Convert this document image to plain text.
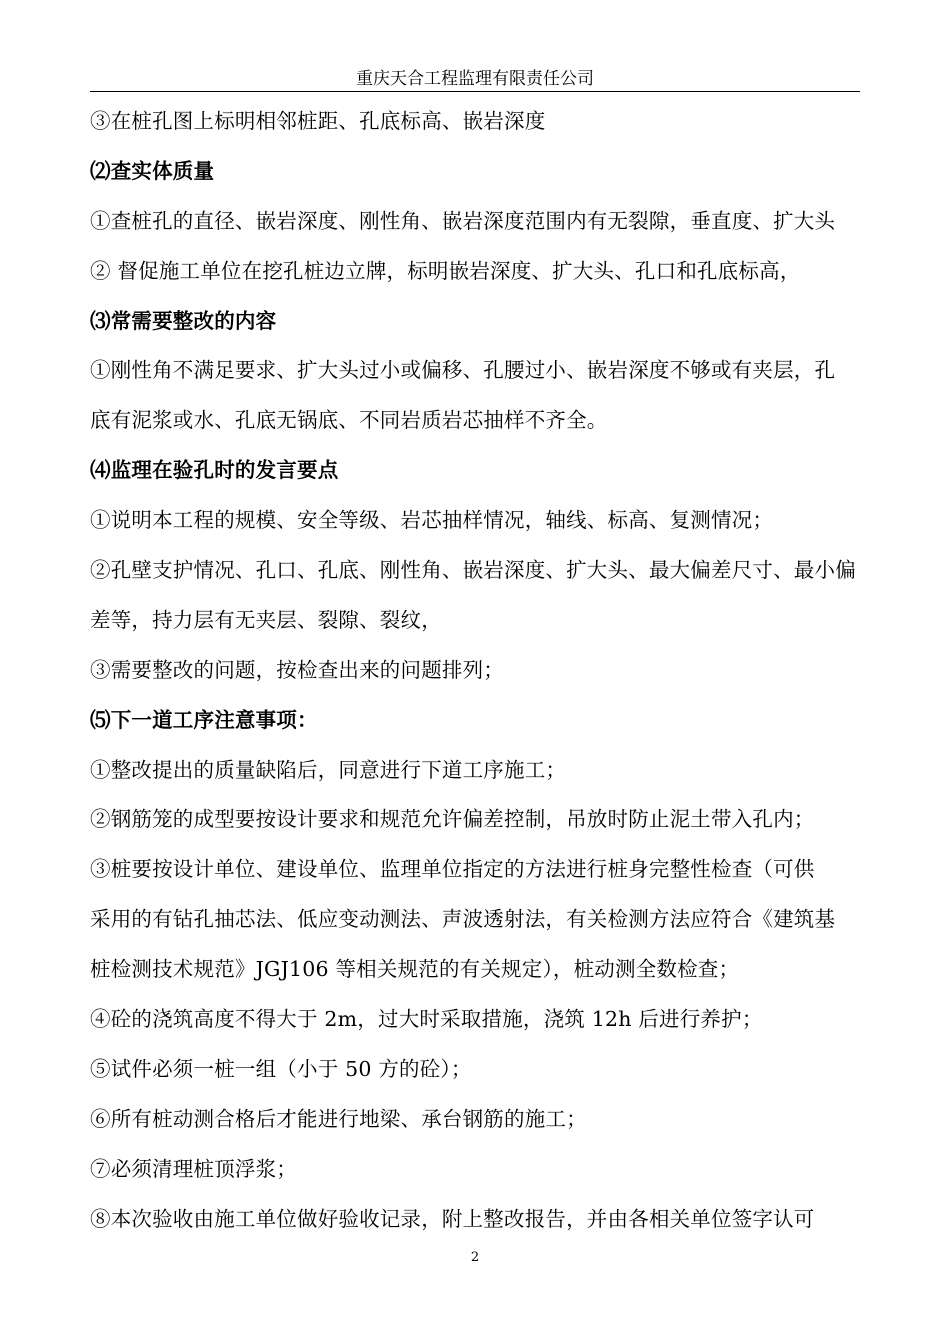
重庆天合工程监理有限责任公司
③在桩孔图上标明相邻桩距、孔底标高、嵌岩深度
⑵查实体质量
①查桩孔的直径、嵌岩深度、刚性角、嵌岩深度范围内有无裂隙，垂直度、扩大头
② 督促施工单位在挖孔桩边立牌，标明嵌岩深度、扩大头、孔口和孔底标高，
⑶常需要整改的内容
①刚性角不满足要求、扩大头过小或偏移、孔腰过小、嵌岩深度不够或有夹层，孔
底有泥浆或水、孔底无锅底、不同岩质岩芯抽样不齐全。
⑷监理在验孔时的发言要点
①说明本工程的规模、安全等级、岩芯抽样情况，轴线、标高、复测情况；
②孔壁支护情况、孔口、孔底、刚性角、嵌岩深度、扩大头、最大偏差尺寸、最小偏
差等，持力层有无夹层、裂隙、裂纹，
③需要整改的问题，按检查出来的问题排列；
⑸下一道工序注意事项：
①整改提出的质量缺陷后，同意进行下道工序施工；
②钢筋笼的成型要按设计要求和规范允许偏差控制，吊放时防止泥土带入孔内；
③桩要按设计单位、建设单位、监理单位指定的方法进行桩身完整性检查（可供
采用的有钻孔抽芯法、低应变动测法、声波透射法，有关检测方法应符合《建筑基
桩检测技术规范》JGJ106 等相关规范的有关规定），桩动测全数检查；
④砼的浇筑高度不得大于 2m，过大时采取措施，浇筑 12h 后进行养护；
⑤试件必须一桩一组（小于 50 方的砼）；
⑥所有桩动测合格后才能进行地梁、承台钢筋的施工；
⑦必须清理桩顶浮浆；
⑧本次验收由施工单位做好验收记录，附上整改报告，并由各相关单位签字认可
2
